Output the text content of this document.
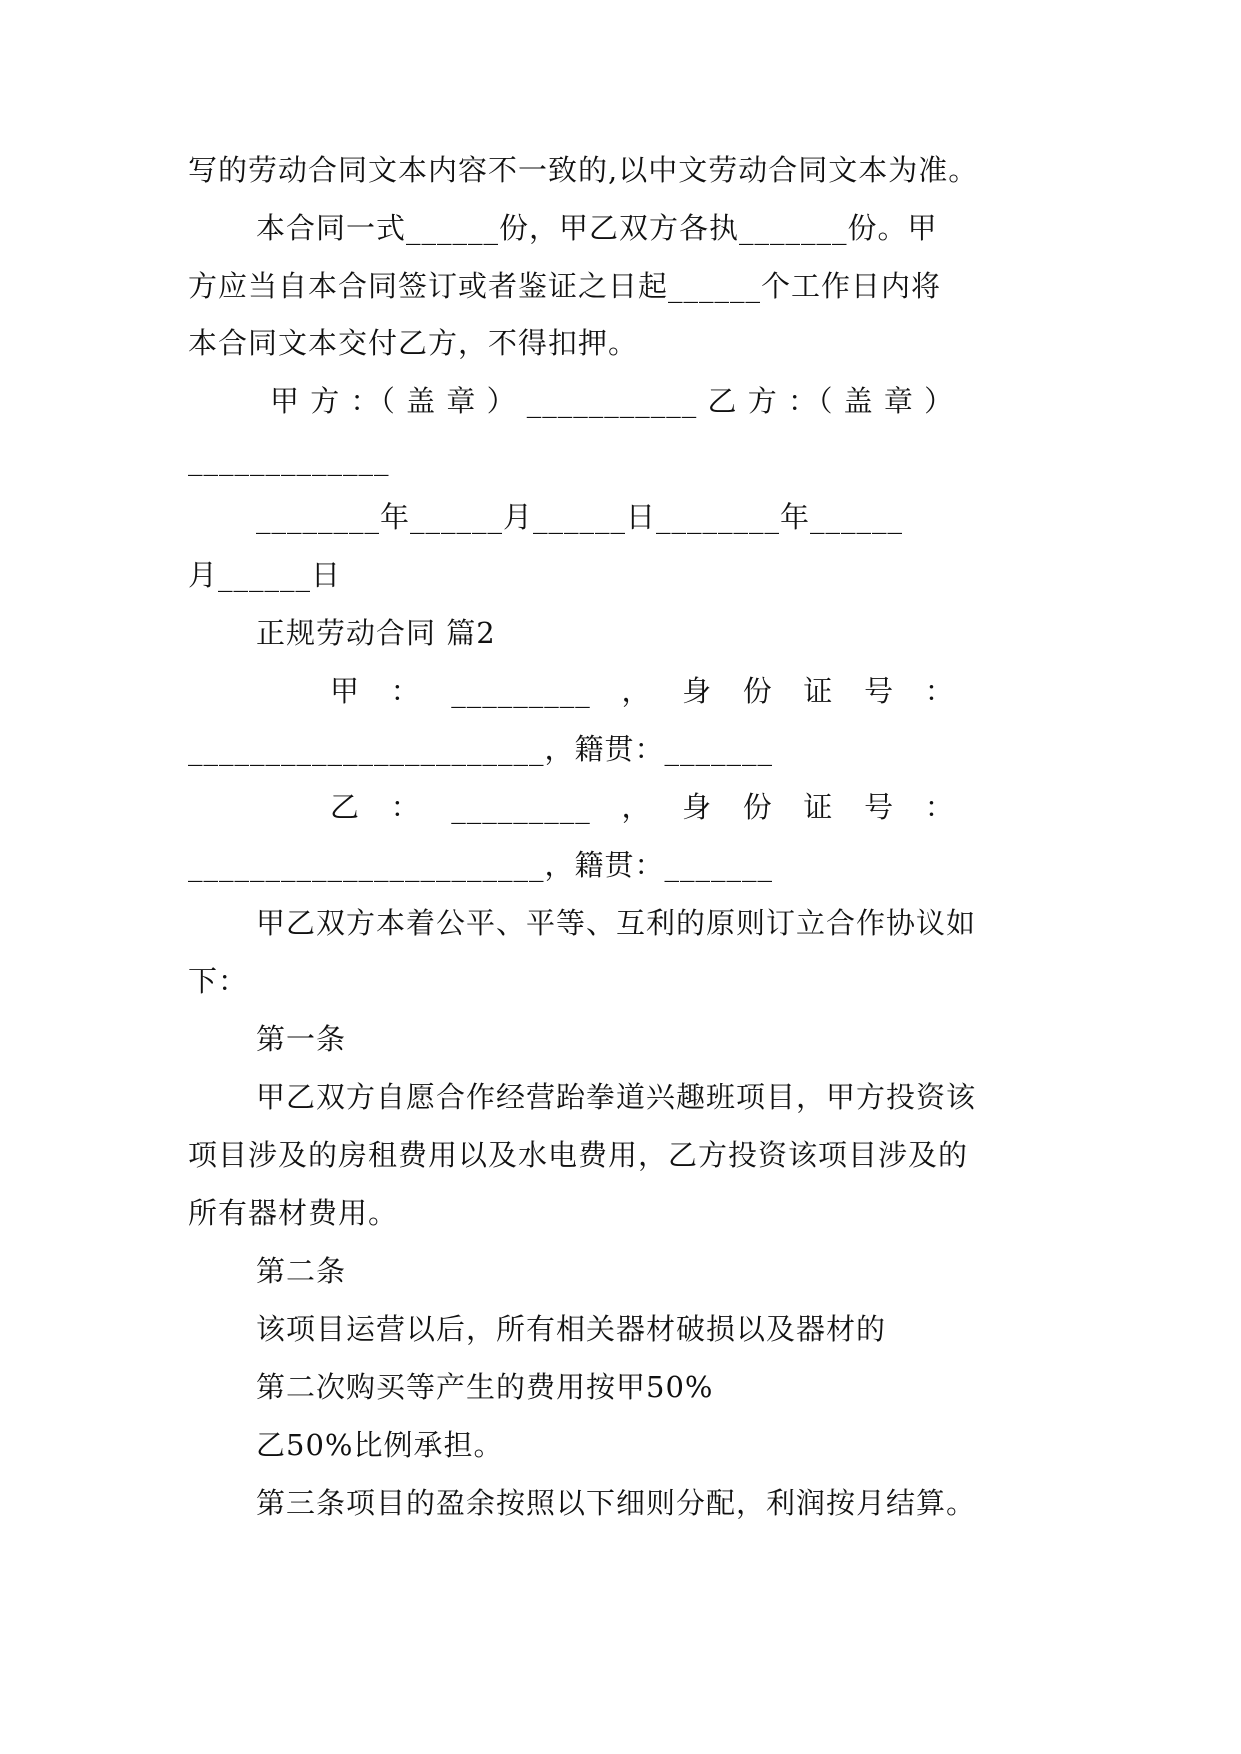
写的劳动合同文本内容不一致的,以中文劳动合同文本为准。
本合同一式______份，甲乙双方各执_______份。甲
方应当自本合同签订或者鉴证之日起______个工作日内将
本合同文本交付乙方，不得扣押。
甲 方 ：（ 盖 章 ） ___________ 乙 方 ：（ 盖 章 ）
_____________
________年______月______日________年______
月______日
正规劳动合同 篇2
甲   ：   _________   ，   身   份   证   号   ：
_______________________，籍贯：_______
乙   ：   _________   ，   身   份   证   号   ：
_______________________，籍贯：_______
甲乙双方本着公平、平等、互利的原则订立合作协议如
下：
第一条
甲乙双方自愿合作经营跆拳道兴趣班项目，甲方投资该
项目涉及的房租费用以及水电费用，乙方投资该项目涉及的
所有器材费用。
第二条
该项目运营以后，所有相关器材破损以及器材的
第二次购买等产生的费用按甲50%
乙50%比例承担。
第三条项目的盈余按照以下细则分配，利润按月结算。
